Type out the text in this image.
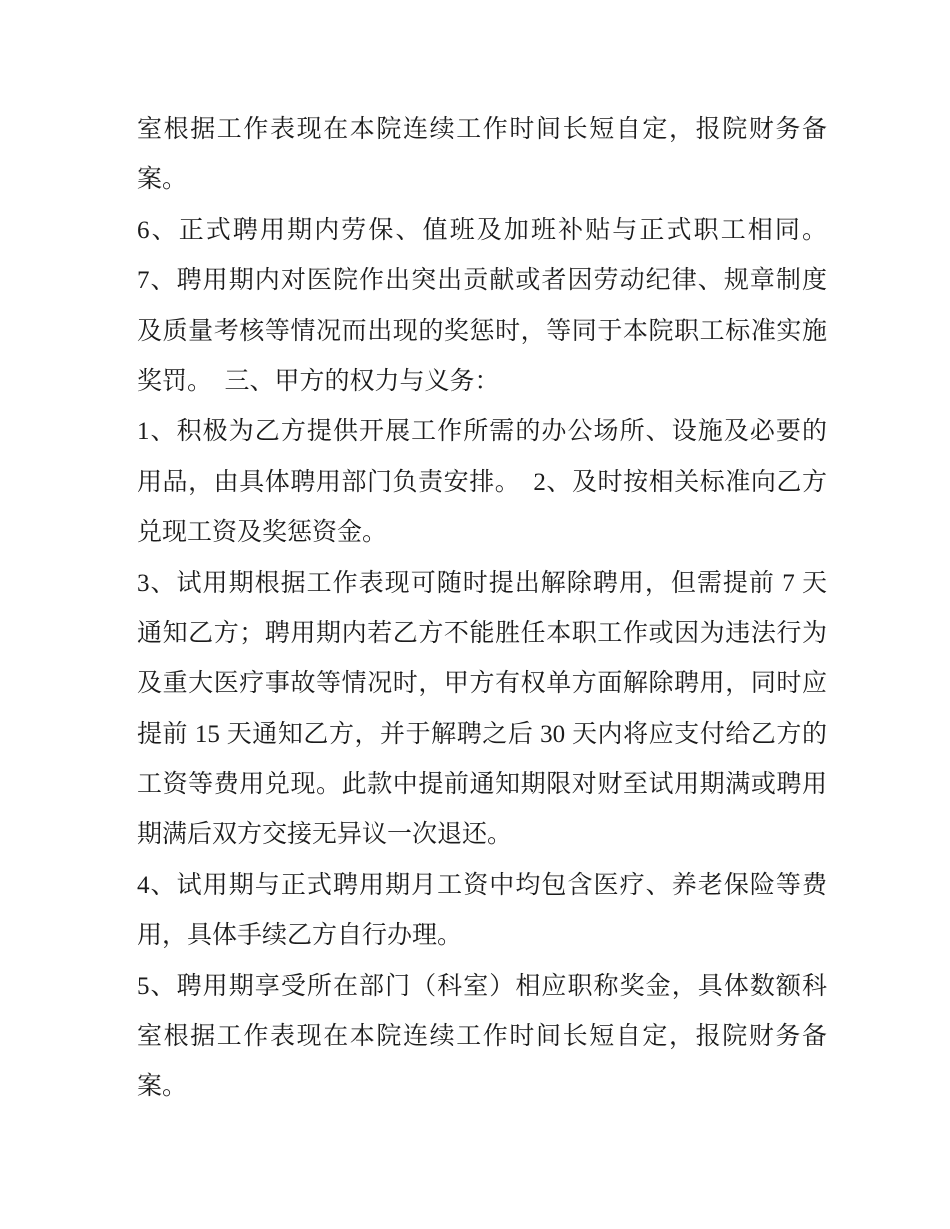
室根据工作表现在本院连续工作时间长短自定，报院财务备
案。
6、正式聘用期内劳保、值班及加班补贴与正式职工相同。
7、聘用期内对医院作出突出贡献或者因劳动纪律、规章制度
及质量考核等情况而出现的奖惩时，等同于本院职工标准实施
奖罚。　三、甲方的权力与义务：
1、积极为乙方提供开展工作所需的办公场所、设施及必要的
用品，由具体聘用部门负责安排。　2、及时按相关标准向乙方
兑现工资及奖惩资金。
3、试用期根据工作表现可随时提出解除聘用，但需提前 7 天
通知乙方；聘用期内若乙方不能胜任本职工作或因为违法行为
及重大医疗事故等情况时，甲方有权单方面解除聘用，同时应
提前 15 天通知乙方，并于解聘之后 30 天内将应支付给乙方的
工资等费用兑现。此款中提前通知期限对财至试用期满或聘用
期满后双方交接无异议一次退还。
4、试用期与正式聘用期月工资中均包含医疗、养老保险等费
用，具体手续乙方自行办理。
5、聘用期享受所在部门（科室）相应职称奖金，具体数额科
室根据工作表现在本院连续工作时间长短自定，报院财务备
案。
